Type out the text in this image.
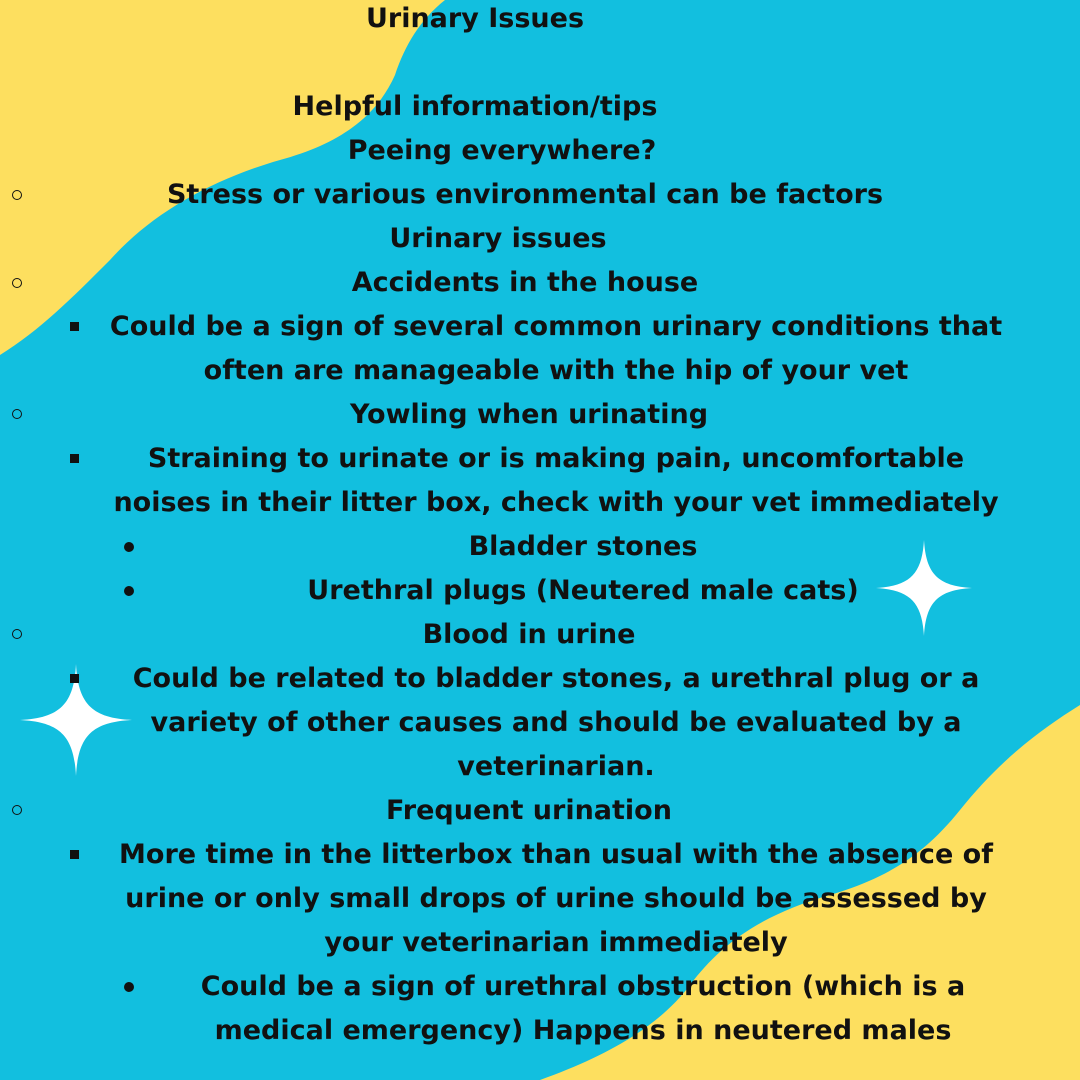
Urinary Issues
Helpful information/tips
Peeing everywhere?
Stress or various environmental can be factors
Urinary issues
Accidents in the house
Could be a sign of several common urinary conditions that
often are manageable with the hip of your vet
Yowling when urinating
Straining to urinate or is making pain, uncomfortable
noises in their litter box, check with your vet immediately
Bladder stones
Urethral plugs (Neutered male cats)
Blood in urine
Could be related to bladder stones, a urethral plug or a
variety of other causes and should be evaluated by a
veterinarian.
Frequent urination
More time in the litterbox than usual with the absence of
urine or only small drops of urine should be assessed by
your veterinarian immediately
Could be a sign of urethral obstruction (which is a
medical emergency) Happens in neutered males
